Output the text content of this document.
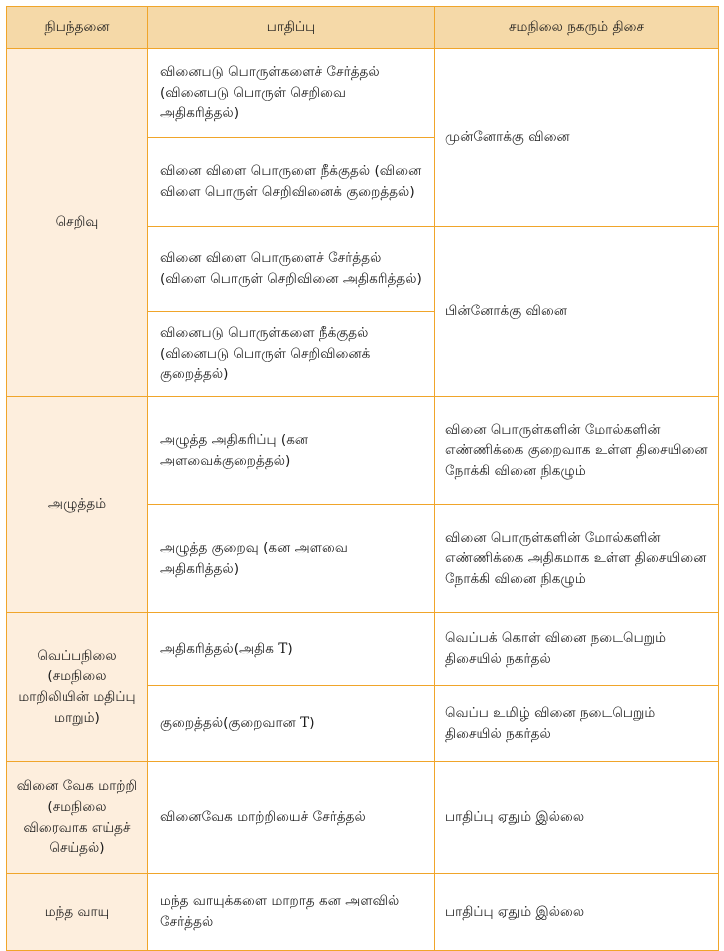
நிபந்தனை	பாதிப்பு	சமநிலை நகரும் திசை
செறிவு	வினைபடு பொருள்களைச் சேர்த்தல் (வினைபடு பொருள் செறிவை அதிகரித்தல்)	முன்னோக்கு வினை
	வினை விளை பொருளை நீக்குதல் (வினை விளை பொருள் செறிவினைக் குறைத்தல்)	
	வினை விளை பொருளைச் சேர்த்தல் (விளை பொருள் செறிவினை அதிகரித்தல்)	பின்னோக்கு வினை
	வினைபடு பொருள்களை நீக்குதல் (வினைபடு பொருள் செறிவினைக் குறைத்தல்)	
அழுத்தம்	அழுத்த அதிகரிப்பு (கன அளவைக்குறைத்தல்)	வினை பொருள்களின் மோல்களின் எண்ணிக்கை குறைவாக உள்ள திசையினை நோக்கி வினை நிகழும்
	அழுத்த குறைவு (கன அளவை அதிகரித்தல்)	வினை பொருள்களின் மோல்களின் எண்ணிக்கை அதிகமாக உள்ள திசையினை நோக்கி வினை நிகழும்
வெப்பநிலை (சமநிலை மாறிலியின் மதிப்பு மாறும்)	அதிகரித்தல்(அதிக T)	வெப்பக் கொள் வினை நடைபெறும் திசையில் நகர்தல்
	குறைத்தல்(குறைவான T)	வெப்ப உமிழ் வினை நடைபெறும் திசையில் நகர்தல்
வினை வேக மாற்றி (சமநிலை விரைவாக எய்தச் செய்தல்)	வினைவேக மாற்றியைச் சேர்த்தல்	பாதிப்பு ஏதும் இல்லை
மந்த வாயு	மந்த வாயுக்களை மாறாத கன அளவில் சேர்த்தல்	பாதிப்பு ஏதும் இல்லை
